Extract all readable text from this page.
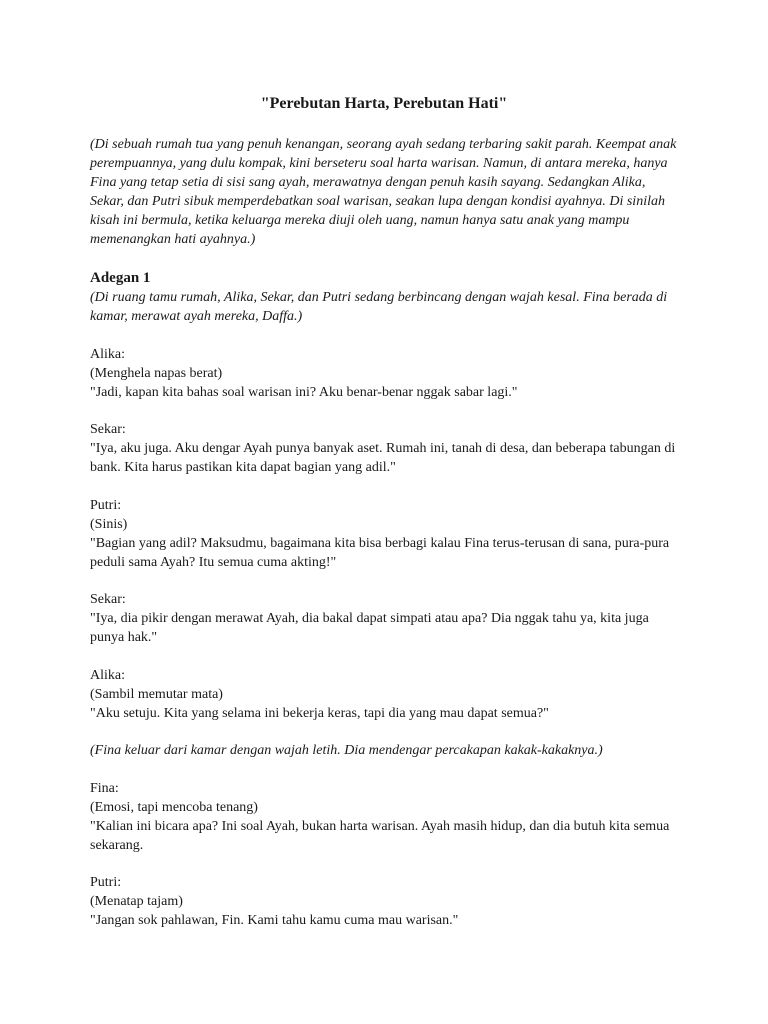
"Perebutan Harta, Perebutan Hati"

(Di sebuah rumah tua yang penuh kenangan, seorang ayah sedang terbaring sakit parah. Keempat anak perempuannya, yang dulu kompak, kini berseteru soal harta warisan. Namun, di antara mereka, hanya Fina yang tetap setia di sisi sang ayah, merawatnya dengan penuh kasih sayang. Sedangkan Alika, Sekar, dan Putri sibuk memperdebatkan soal warisan, seakan lupa dengan kondisi ayahnya. Di sinilah kisah ini bermula, ketika keluarga mereka diuji oleh uang, namun hanya satu anak yang mampu memenangkan hati ayahnya.)

Adegan 1

(Di ruang tamu rumah, Alika, Sekar, dan Putri sedang berbincang dengan wajah kesal. Fina berada di kamar, merawat ayah mereka, Daffa.)

Alika:

(Menghela napas berat)

"Jadi, kapan kita bahas soal warisan ini? Aku benar-benar nggak sabar lagi."

Sekar:

"Iya, aku juga. Aku dengar Ayah punya banyak aset. Rumah ini, tanah di desa, dan beberapa tabungan di bank. Kita harus pastikan kita dapat bagian yang adil."

Putri:

(Sinis)

"Bagian yang adil? Maksudmu, bagaimana kita bisa berbagi kalau Fina terus-terusan di sana, pura-pura peduli sama Ayah? Itu semua cuma akting!"

Sekar:

"Iya, dia pikir dengan merawat Ayah, dia bakal dapat simpati atau apa? Dia nggak tahu ya, kita juga punya hak."

Alika:

(Sambil memutar mata)

"Aku setuju. Kita yang selama ini bekerja keras, tapi dia yang mau dapat semua?"

(Fina keluar dari kamar dengan wajah letih. Dia mendengar percakapan kakak-kakaknya.)

Fina:

(Emosi, tapi mencoba tenang)

"Kalian ini bicara apa? Ini soal Ayah, bukan harta warisan. Ayah masih hidup, dan dia butuh kita semua sekarang.

Putri:

(Menatap tajam)

"Jangan sok pahlawan, Fin. Kami tahu kamu cuma mau warisan."
